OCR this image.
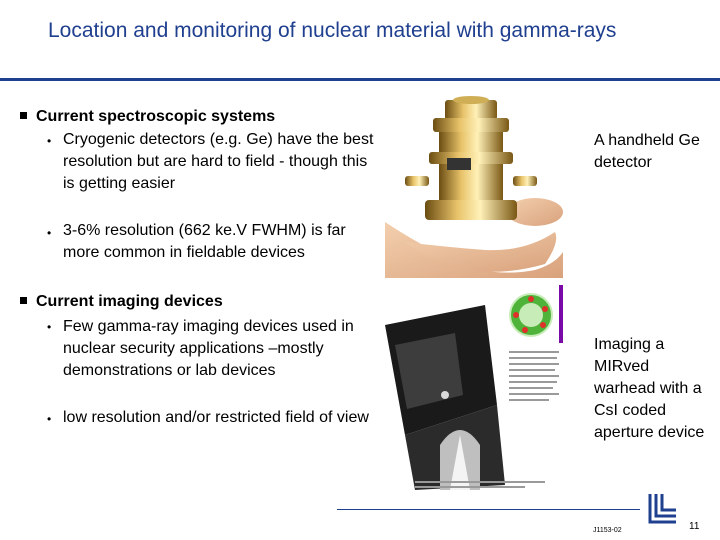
Location and monitoring of nuclear material with gamma-rays
Current spectroscopic systems
• Cryogenic detectors (e.g. Ge) have the best resolution but are hard to field - though this is getting easier
• 3-6% resolution (662 ke.V FWHM) is far more common in fieldable devices
Current imaging devices
• Few gamma-ray imaging devices used in nuclear security applications –mostly demonstrations or lab devices
• low resolution and/or restricted field of view
A handheld Ge detector
Imaging a MIRved warhead with a CsI coded aperture device
J1153-02	11
